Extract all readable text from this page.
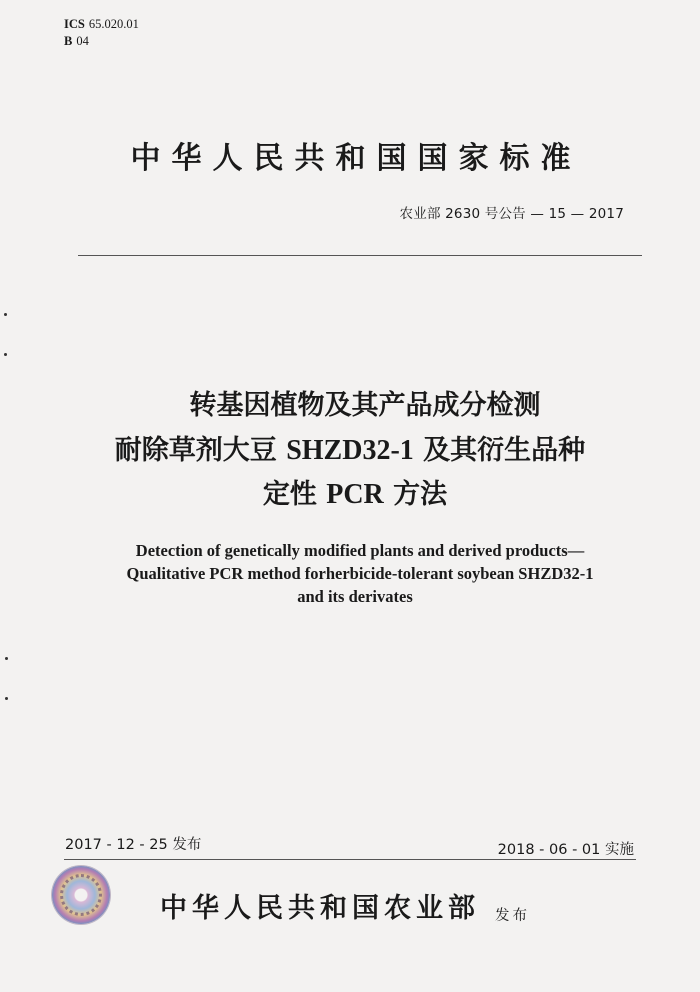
ICS 65.020.01
B 04
中华人民共和国国家标准
农业部 2630 号公告 — 15 — 2017
转基因植物及其产品成分检测
耐除草剂大豆 SHZD32-1 及其衍生品种
定性 PCR 方法
Detection of genetically modified plants and derived products—
Qualitative PCR method forherbicide-tolerant soybean SHZD32-1
and its derivates
2017 - 12 - 25 发布	2018 - 06 - 01 实施
中华人民共和国农业部 发布
